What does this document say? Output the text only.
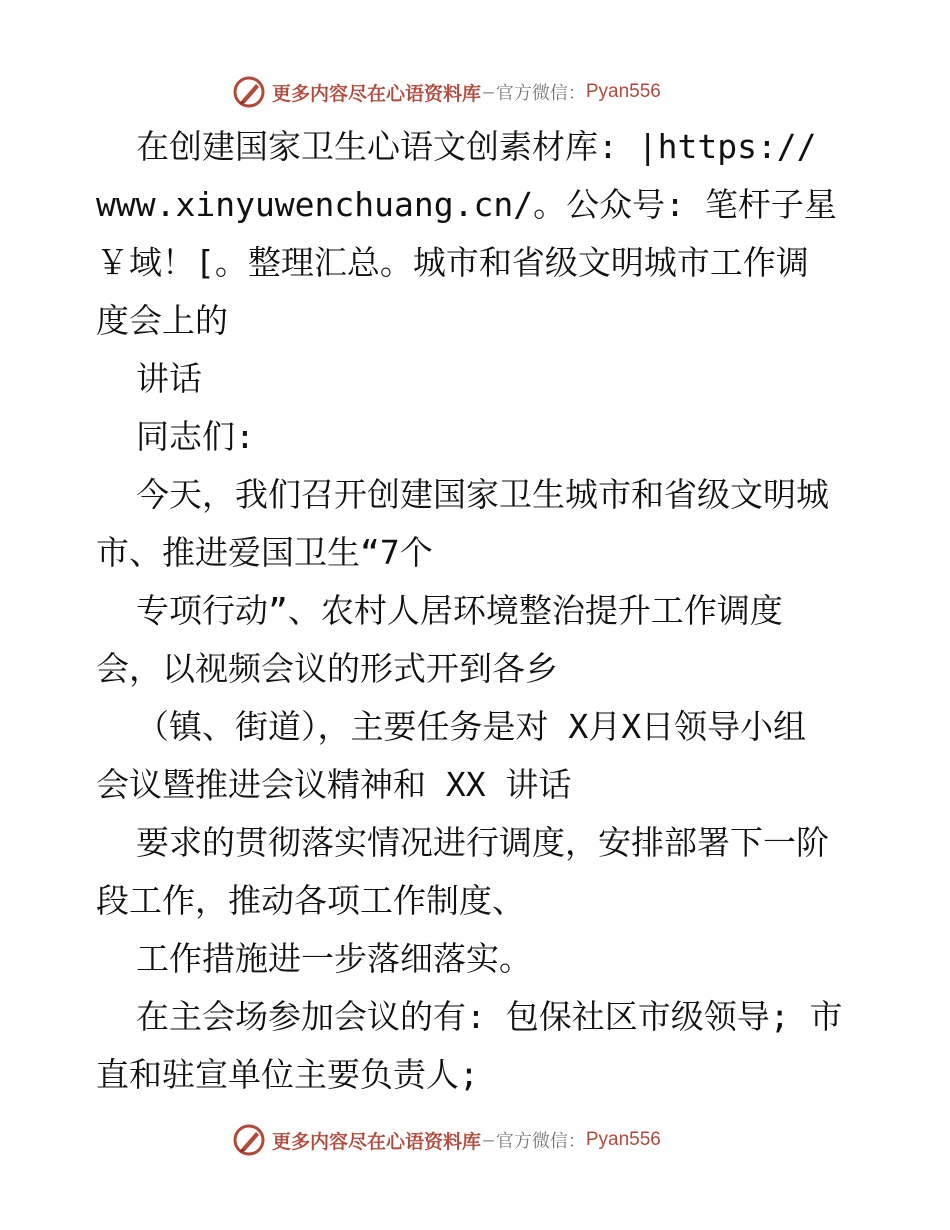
更多内容尽在心语资料库 — 官方微信： Pyan556
在创建国家卫生心语文创素材库: |https://
www.xinyuwenchuang.cn/。公众号: 笔杆子星
￥域！[。整理汇总。城市和省级文明城市工作调
度会上的
讲话
同志们:
今天，我们召开创建国家卫生城市和省级文明城
市、推进爱国卫生“7个
专项行动”、农村人居环境整治提升工作调度
会，以视频会议的形式开到各乡
（镇、街道），主要任务是对 X月X日领导小组
会议暨推进会议精神和 XX 讲话
要求的贯彻落实情况进行调度，安排部署下一阶
段工作，推动各项工作制度、
工作措施进一步落细落实。
在主会场参加会议的有: 包保社区市级领导; 市
直和驻宣单位主要负责人;
更多内容尽在心语资料库 — 官方微信： Pyan556
